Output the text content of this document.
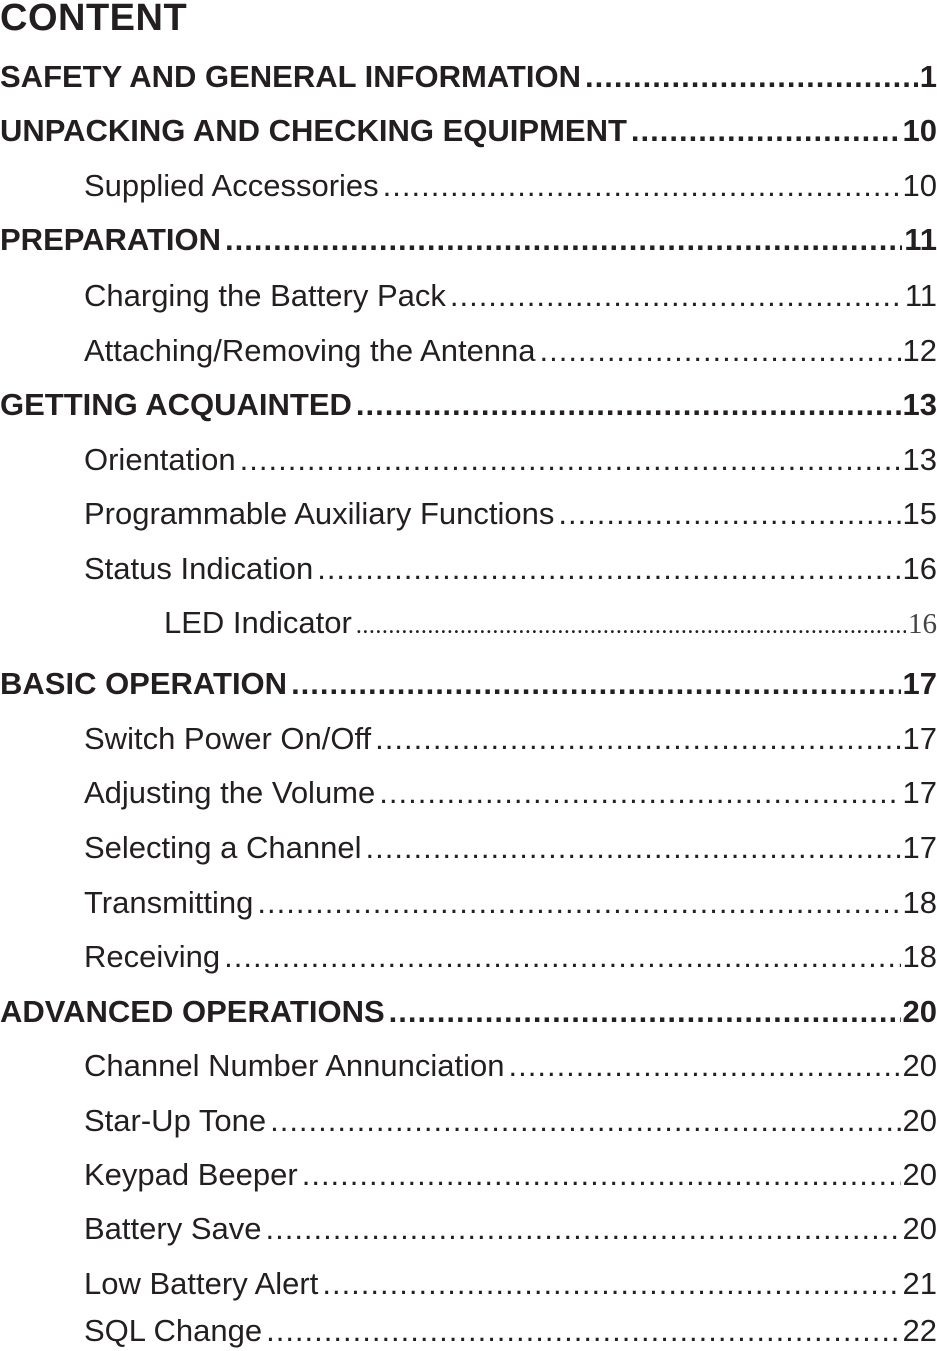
CONTENT
SAFETY AND GENERAL INFORMATION .....	1
UNPACKING AND CHECKING EQUIPMENT .....	10
Supplied Accessories .....	10
PREPARATION .....	11
Charging the Battery Pack .....	11
Attaching/Removing the Antenna .....	12
GETTING ACQUAINTED .....	13
Orientation .....	13
Programmable Auxiliary Functions .....	15
Status Indication .....	16
LED Indicator .....	16
BASIC OPERATION .....	17
Switch Power On/Off .....	17
Adjusting the Volume .....	17
Selecting a Channel .....	17
Transmitting .....	18
Receiving .....	18
ADVANCED OPERATIONS .....	20
Channel Number Annunciation .....	20
Star-Up Tone .....	20
Keypad Beeper .....	20
Battery Save .....	20
Low Battery Alert .....	21
SQL Change .....	22
